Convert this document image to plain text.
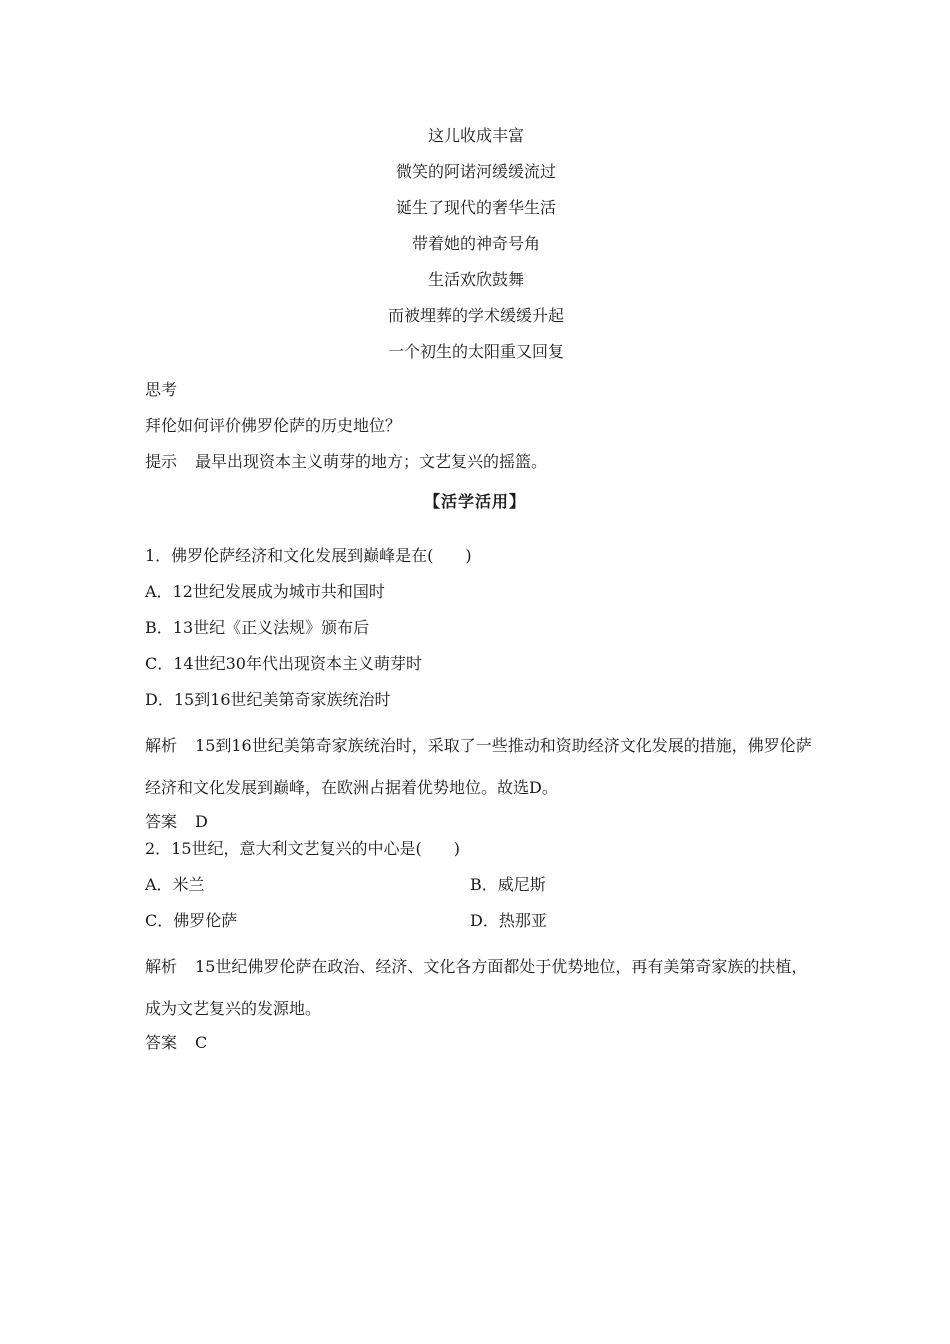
这儿收成丰富
微笑的阿诺河缓缓流过
诞生了现代的奢华生活
带着她的神奇号角
生活欢欣鼓舞
而被埋葬的学术缓缓升起
一个初生的太阳重又回复
思考
拜伦如何评价佛罗伦萨的历史地位？
提示 最早出现资本主义萌芽的地方；文艺复兴的摇篮。
【活学活用】
1．佛罗伦萨经济和文化发展到巅峰是在(　　)
A．12世纪发展成为城市共和国时
B．13世纪《正义法规》颁布后
C．14世纪30年代出现资本主义萌芽时
D．15到16世纪美第奇家族统治时
解析 15到16世纪美第奇家族统治时，采取了一些推动和资助经济文化发展的措施，佛罗伦萨经济和文化发展到巅峰，在欧洲占据着优势地位。故选D。
答案 D
2．15世纪，意大利文艺复兴的中心是(　　)
A．米兰	B．威尼斯
C．佛罗伦萨	D．热那亚
解析 15世纪佛罗伦萨在政治、经济、文化各方面都处于优势地位，再有美第奇家族的扶植，成为文艺复兴的发源地。
答案 C
